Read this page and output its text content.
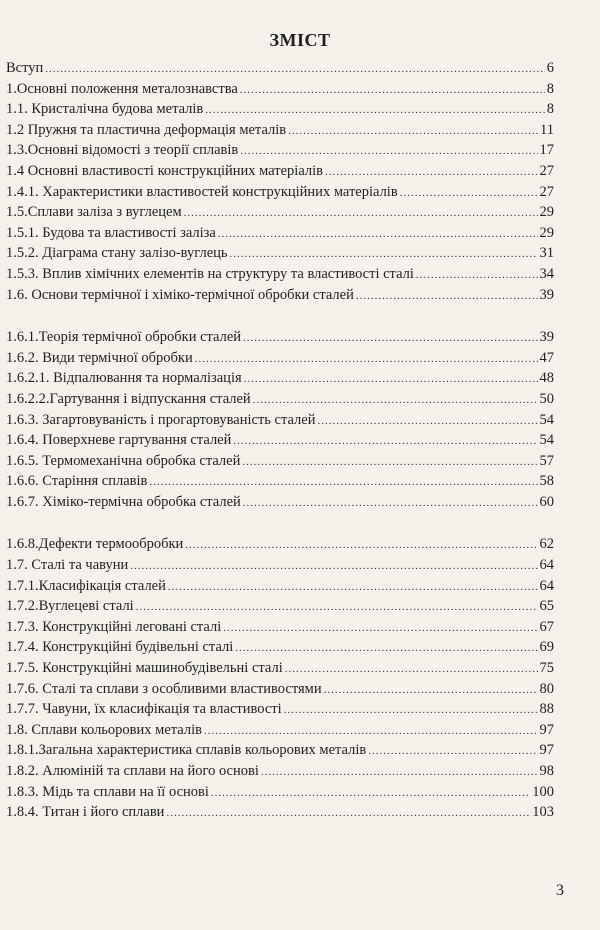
ЗМІСТ
Вступ .....	6
1.Основні положення металознавства .....	8
1.1. Кристалічна будова металів .....	8
1.2 Пружня та пластична деформація металів .....	11
1.3.Основні відомості з теорії сплавів .....	17
1.4 Основні властивості конструкційних матеріалів .....	27
1.4.1. Характеристики властивостей конструкційних матеріалів .....	27
1.5.Сплави заліза з вуглецем .....	29
1.5.1. Будова та властивості заліза .....	29
1.5.2. Діаграма стану залізо-вуглець .....	31
1.5.3. Вплив хімічних елементів на структуру та властивості сталі .....	34
1.6. Основи термічної і хіміко-термічної обробки сталей .....	39
1.6.1.Теорія термічної обробки сталей .....	39
1.6.2. Види термічної обробки .....	47
1.6.2.1. Відпалювання та нормалізація .....	48
1.6.2.2.Гартування і відпускання сталей .....	50
1.6.3. Загартовуваність і прогартовуваність сталей .....	54
1.6.4. Поверхневе гартування сталей .....	54
1.6.5. Термомеханічна обробка сталей .....	57
1.6.6. Старіння сплавів .....	58
1.6.7. Хіміко-термічна обробка сталей .....	60
1.6.8.Дефекти термообробки .....	62
1.7. Сталі та чавуни .....	64
1.7.1.Класифікація сталей .....	64
1.7.2.Вуглецеві сталі .....	65
1.7.3. Конструкційні леговані сталі .....	67
1.7.4. Конструкційні будівельні сталі .....	69
1.7.5. Конструкційні машинобудівельні сталі .....	75
1.7.6. Сталі та сплави з особливими властивостями .....	80
1.7.7. Чавуни, їх класифікація та властивості .....	88
1.8. Сплави кольорових металів .....	97
1.8.1.Загальна характеристика сплавів кольорових металів .....	97
1.8.2. Алюміній та сплави на його основі .....	98
1.8.3. Мідь та сплави на її основі .....	100
1.8.4. Титан і його сплави .....	103
3
